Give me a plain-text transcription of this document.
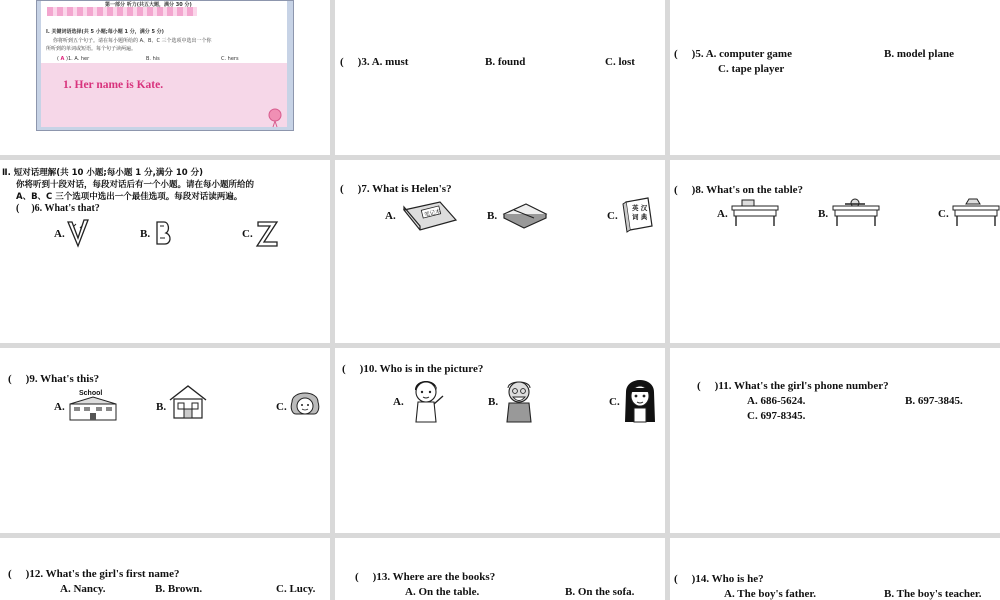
第一部分 听力(共五大题，满分 30 分)
Ⅰ. 关键词语选择(共 5 小题;每小题 1 分，满分 5 分)
你将听到五个句子。请在每小题所给的 A、B、C 三个选项中选出一个你
所听到的单词或短语。每个句子读两遍。
( A )1. A. her	B. his	C. hers
1. Her name is Kate.
( )3. A. must	B. found	C. lost
( )5. A. computer game	B. model plane
C. tape player
Ⅱ. 短对话理解(共 10 小题;每小题 1 分,满分 10 分)
你将听到十段对话，每段对话后有一个小题。请在每小题所给的
A、B、C 三个选项中选出一个最佳选项。每段对话读两遍。
( )6. What's that?
A.	B.	C.
( )7. What is Helen's?
A.	笔记本	B.	C.
英 汉
词 典
( )8. What's on the table?
A.	B.	C.
( )9. What's this?
A.
School
B.	C.
( )10. Who is in the picture?
A.	B.	C.
( )11. What's the girl's phone number?
A. 686-5624.	B. 697-3845.
C. 697-8345.
( )12. What's the girl's first name?
A. Nancy.	B. Brown.	C. Lucy.
( )13. Where are the books?
A. On the table.	B. On the sofa.
( )14. Who is he?
A. The boy's father.	B. The boy's teacher.
